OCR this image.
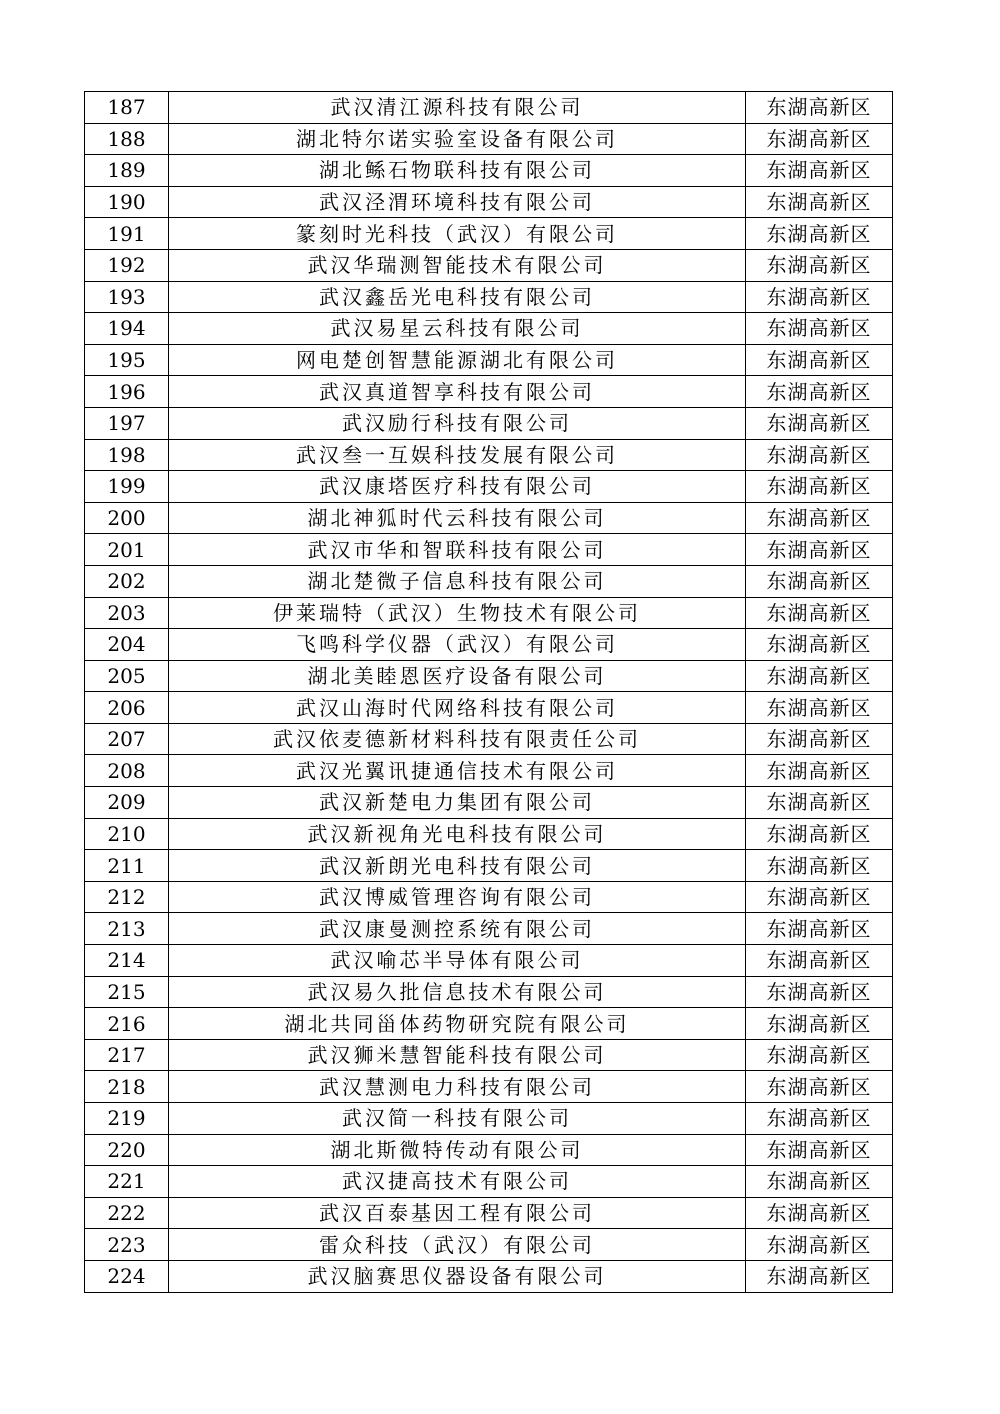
187	武汉清江源科技有限公司	东湖高新区
188	湖北特尔诺实验室设备有限公司	东湖高新区
189	湖北鲧石物联科技有限公司	东湖高新区
190	武汉泾渭环境科技有限公司	东湖高新区
191	篆刻时光科技（武汉）有限公司	东湖高新区
192	武汉华瑞测智能技术有限公司	东湖高新区
193	武汉鑫岳光电科技有限公司	东湖高新区
194	武汉易星云科技有限公司	东湖高新区
195	网电楚创智慧能源湖北有限公司	东湖高新区
196	武汉真道智享科技有限公司	东湖高新区
197	武汉励行科技有限公司	东湖高新区
198	武汉叁一互娱科技发展有限公司	东湖高新区
199	武汉康塔医疗科技有限公司	东湖高新区
200	湖北神狐时代云科技有限公司	东湖高新区
201	武汉市华和智联科技有限公司	东湖高新区
202	湖北楚微子信息科技有限公司	东湖高新区
203	伊莱瑞特（武汉）生物技术有限公司	东湖高新区
204	飞鸣科学仪器（武汉）有限公司	东湖高新区
205	湖北美睦恩医疗设备有限公司	东湖高新区
206	武汉山海时代网络科技有限公司	东湖高新区
207	武汉依麦德新材料科技有限责任公司	东湖高新区
208	武汉光翼讯捷通信技术有限公司	东湖高新区
209	武汉新楚电力集团有限公司	东湖高新区
210	武汉新视角光电科技有限公司	东湖高新区
211	武汉新朗光电科技有限公司	东湖高新区
212	武汉博威管理咨询有限公司	东湖高新区
213	武汉康曼测控系统有限公司	东湖高新区
214	武汉喻芯半导体有限公司	东湖高新区
215	武汉易久批信息技术有限公司	东湖高新区
216	湖北共同甾体药物研究院有限公司	东湖高新区
217	武汉狮米慧智能科技有限公司	东湖高新区
218	武汉慧测电力科技有限公司	东湖高新区
219	武汉简一科技有限公司	东湖高新区
220	湖北斯微特传动有限公司	东湖高新区
221	武汉捷高技术有限公司	东湖高新区
222	武汉百泰基因工程有限公司	东湖高新区
223	雷众科技（武汉）有限公司	东湖高新区
224	武汉脑赛思仪器设备有限公司	东湖高新区
